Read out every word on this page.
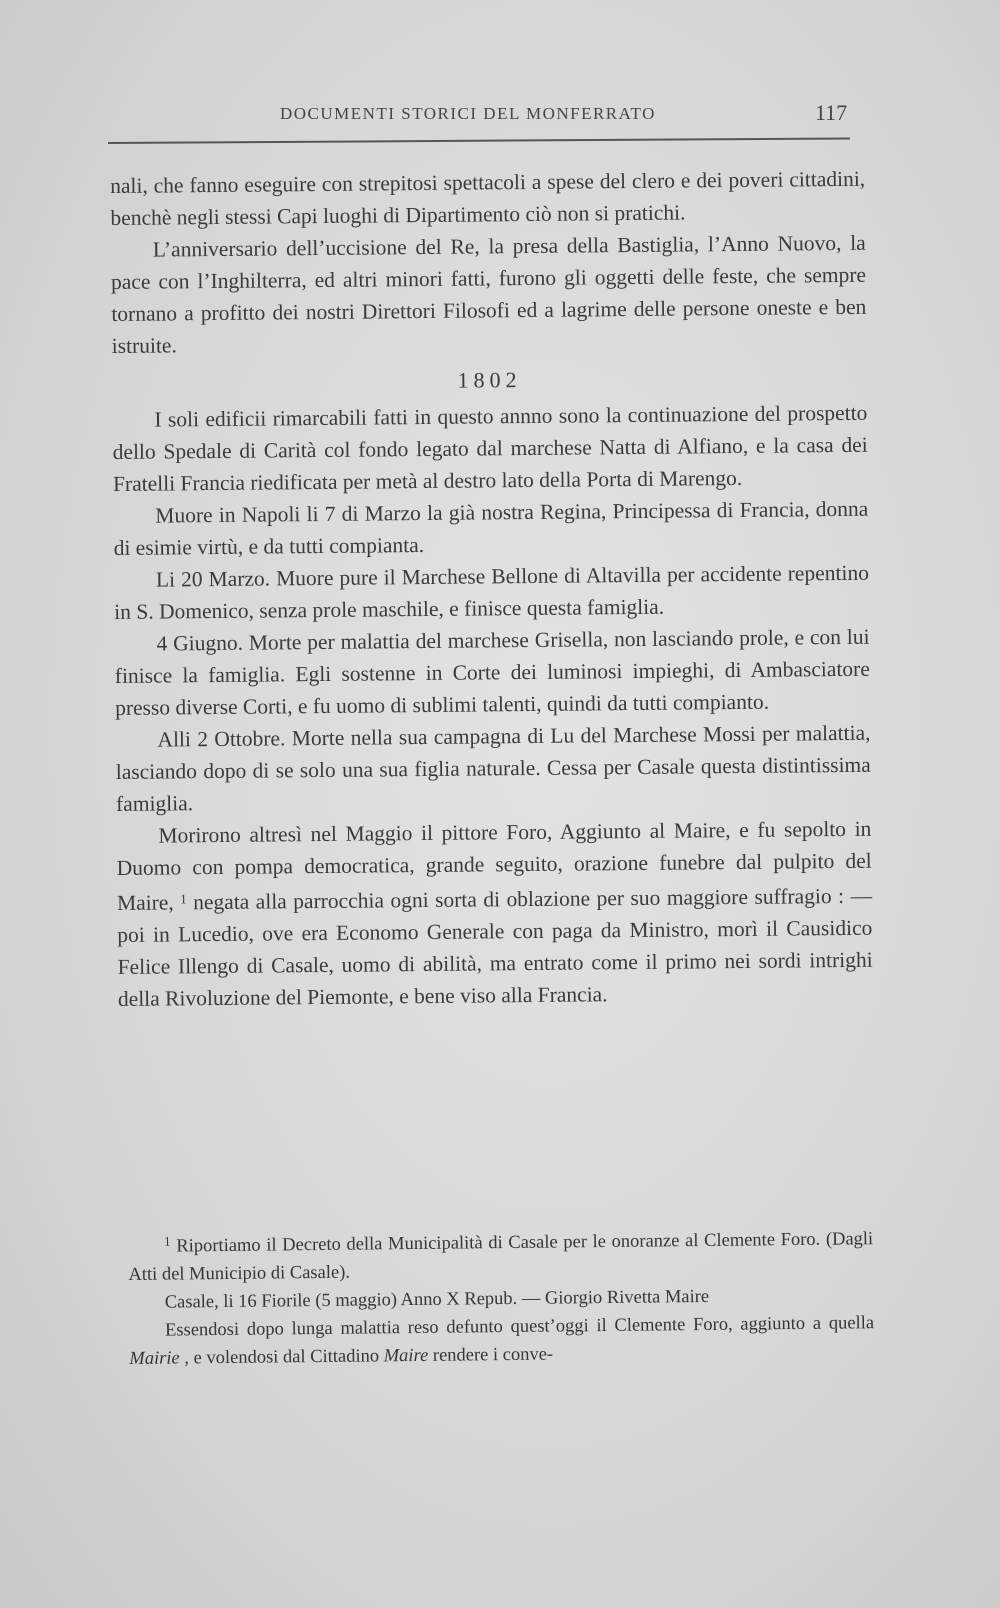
DOCUMENTI STORICI DEL MONFERRATO	117

nali, che fanno eseguire con strepitosi spettacoli a spese del clero e dei poveri cittadini, benchè negli stessi Capi luoghi di Dipartimento ciò non si pratichi.

L’anniversario dell’uccisione del Re, la presa della Bastiglia, l’Anno Nuovo, la pace con l’Inghilterra, ed altri minori fatti, furono gli oggetti delle feste, che sempre tornano a profitto dei nostri Direttori Filosofi ed a lagrime delle persone oneste e ben istruite.

1802

I soli edificii rimarcabili fatti in questo annno sono la continuazione del prospetto dello Spedale di Carità col fondo legato dal marchese Natta di Alfiano, e la casa dei Fratelli Francia riedificata per metà al destro lato della Porta di Marengo.

Muore in Napoli li 7 di Marzo la già nostra Regina, Principessa di Francia, donna di esimie virtù, e da tutti compianta.

Li 20 Marzo. Muore pure il Marchese Bellone di Altavilla per accidente repentino in S. Domenico, senza prole maschile, e finisce questa famiglia.

4 Giugno. Morte per malattia del marchese Grisella, non lasciando prole, e con lui finisce la famiglia. Egli sostenne in Corte dei luminosi impieghi, di Ambasciatore presso diverse Corti, e fu uomo di sublimi talenti, quindi da tutti compianto.

Alli 2 Ottobre. Morte nella sua campagna di Lu del Marchese Mossi per malattia, lasciando dopo di se solo una sua figlia naturale. Cessa per Casale questa distintissima famiglia.

Morirono altresì nel Maggio il pittore Foro, Aggiunto al Maire, e fu sepolto in Duomo con pompa democratica, grande seguito, orazione funebre dal pulpito del Maire, $^1$ negata alla parrocchia ogni sorta di oblazione per suo maggiore suffragio : — poi in Lucedio, ove era Economo Generale con paga da Ministro, morì il Causidico Felice Illengo di Casale, uomo di abilità, ma entrato come il primo nei sordi intrighi della Rivoluzione del Piemonte, e bene viso alla Francia.

$^1$ Riportiamo il Decreto della Municipalità di Casale per le onoranze al Clemente Foro. (Dagli Atti del Municipio di Casale).

Casale, li 16 Fiorile (5 maggio) Anno X Repub. — Giorgio Rivetta Maire

Essendosi dopo lunga malattia reso defunto quest’oggi il Clemente Foro, aggiunto a quella Mairie , e volendosi dal Cittadino Maire rendere i conve-
